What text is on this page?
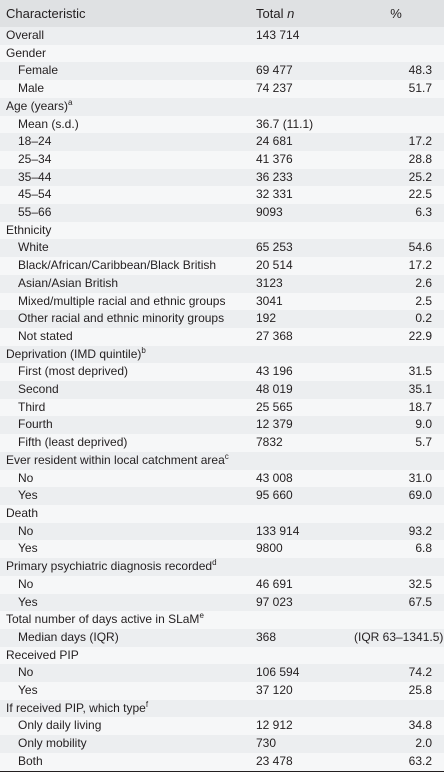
Characteristic	Total n	%
Overall	143 714	
Gender		
Female	69 477	48.3
Male	74 237	51.7
Age (years)$^a$		
Mean (s.d.)	36.7 (11.1)	
18–24	24 681	17.2
25–34	41 376	28.8
35–44	36 233	25.2
45–54	32 331	22.5
55–66	9093	6.3
Ethnicity		
White	65 253	54.6
Black/African/Caribbean/Black British	20 514	17.2
Asian/Asian British	3123	2.6
Mixed/multiple racial and ethnic groups	3041	2.5
Other racial and ethnic minority groups	192	0.2
Not stated	27 368	22.9
Deprivation (IMD quintile)$^b$		
First (most deprived)	43 196	31.5
Second	48 019	35.1
Third	25 565	18.7
Fourth	12 379	9.0
Fifth (least deprived)	7832	5.7
Ever resident within local catchment area$^c$		
No	43 008	31.0
Yes	95 660	69.0
Death		
No	133 914	93.2
Yes	9800	6.8
Primary psychiatric diagnosis recorded$^d$		
No	46 691	32.5
Yes	97 023	67.5
Total number of days active in SLaM$^e$		
Median days (IQR)	368	(IQR 63–1341.5)
Received PIP		
No	106 594	74.2
Yes	37 120	25.8
If received PIP, which type$^f$		
Only daily living	12 912	34.8
Only mobility	730	2.0
Both	23 478	63.2
